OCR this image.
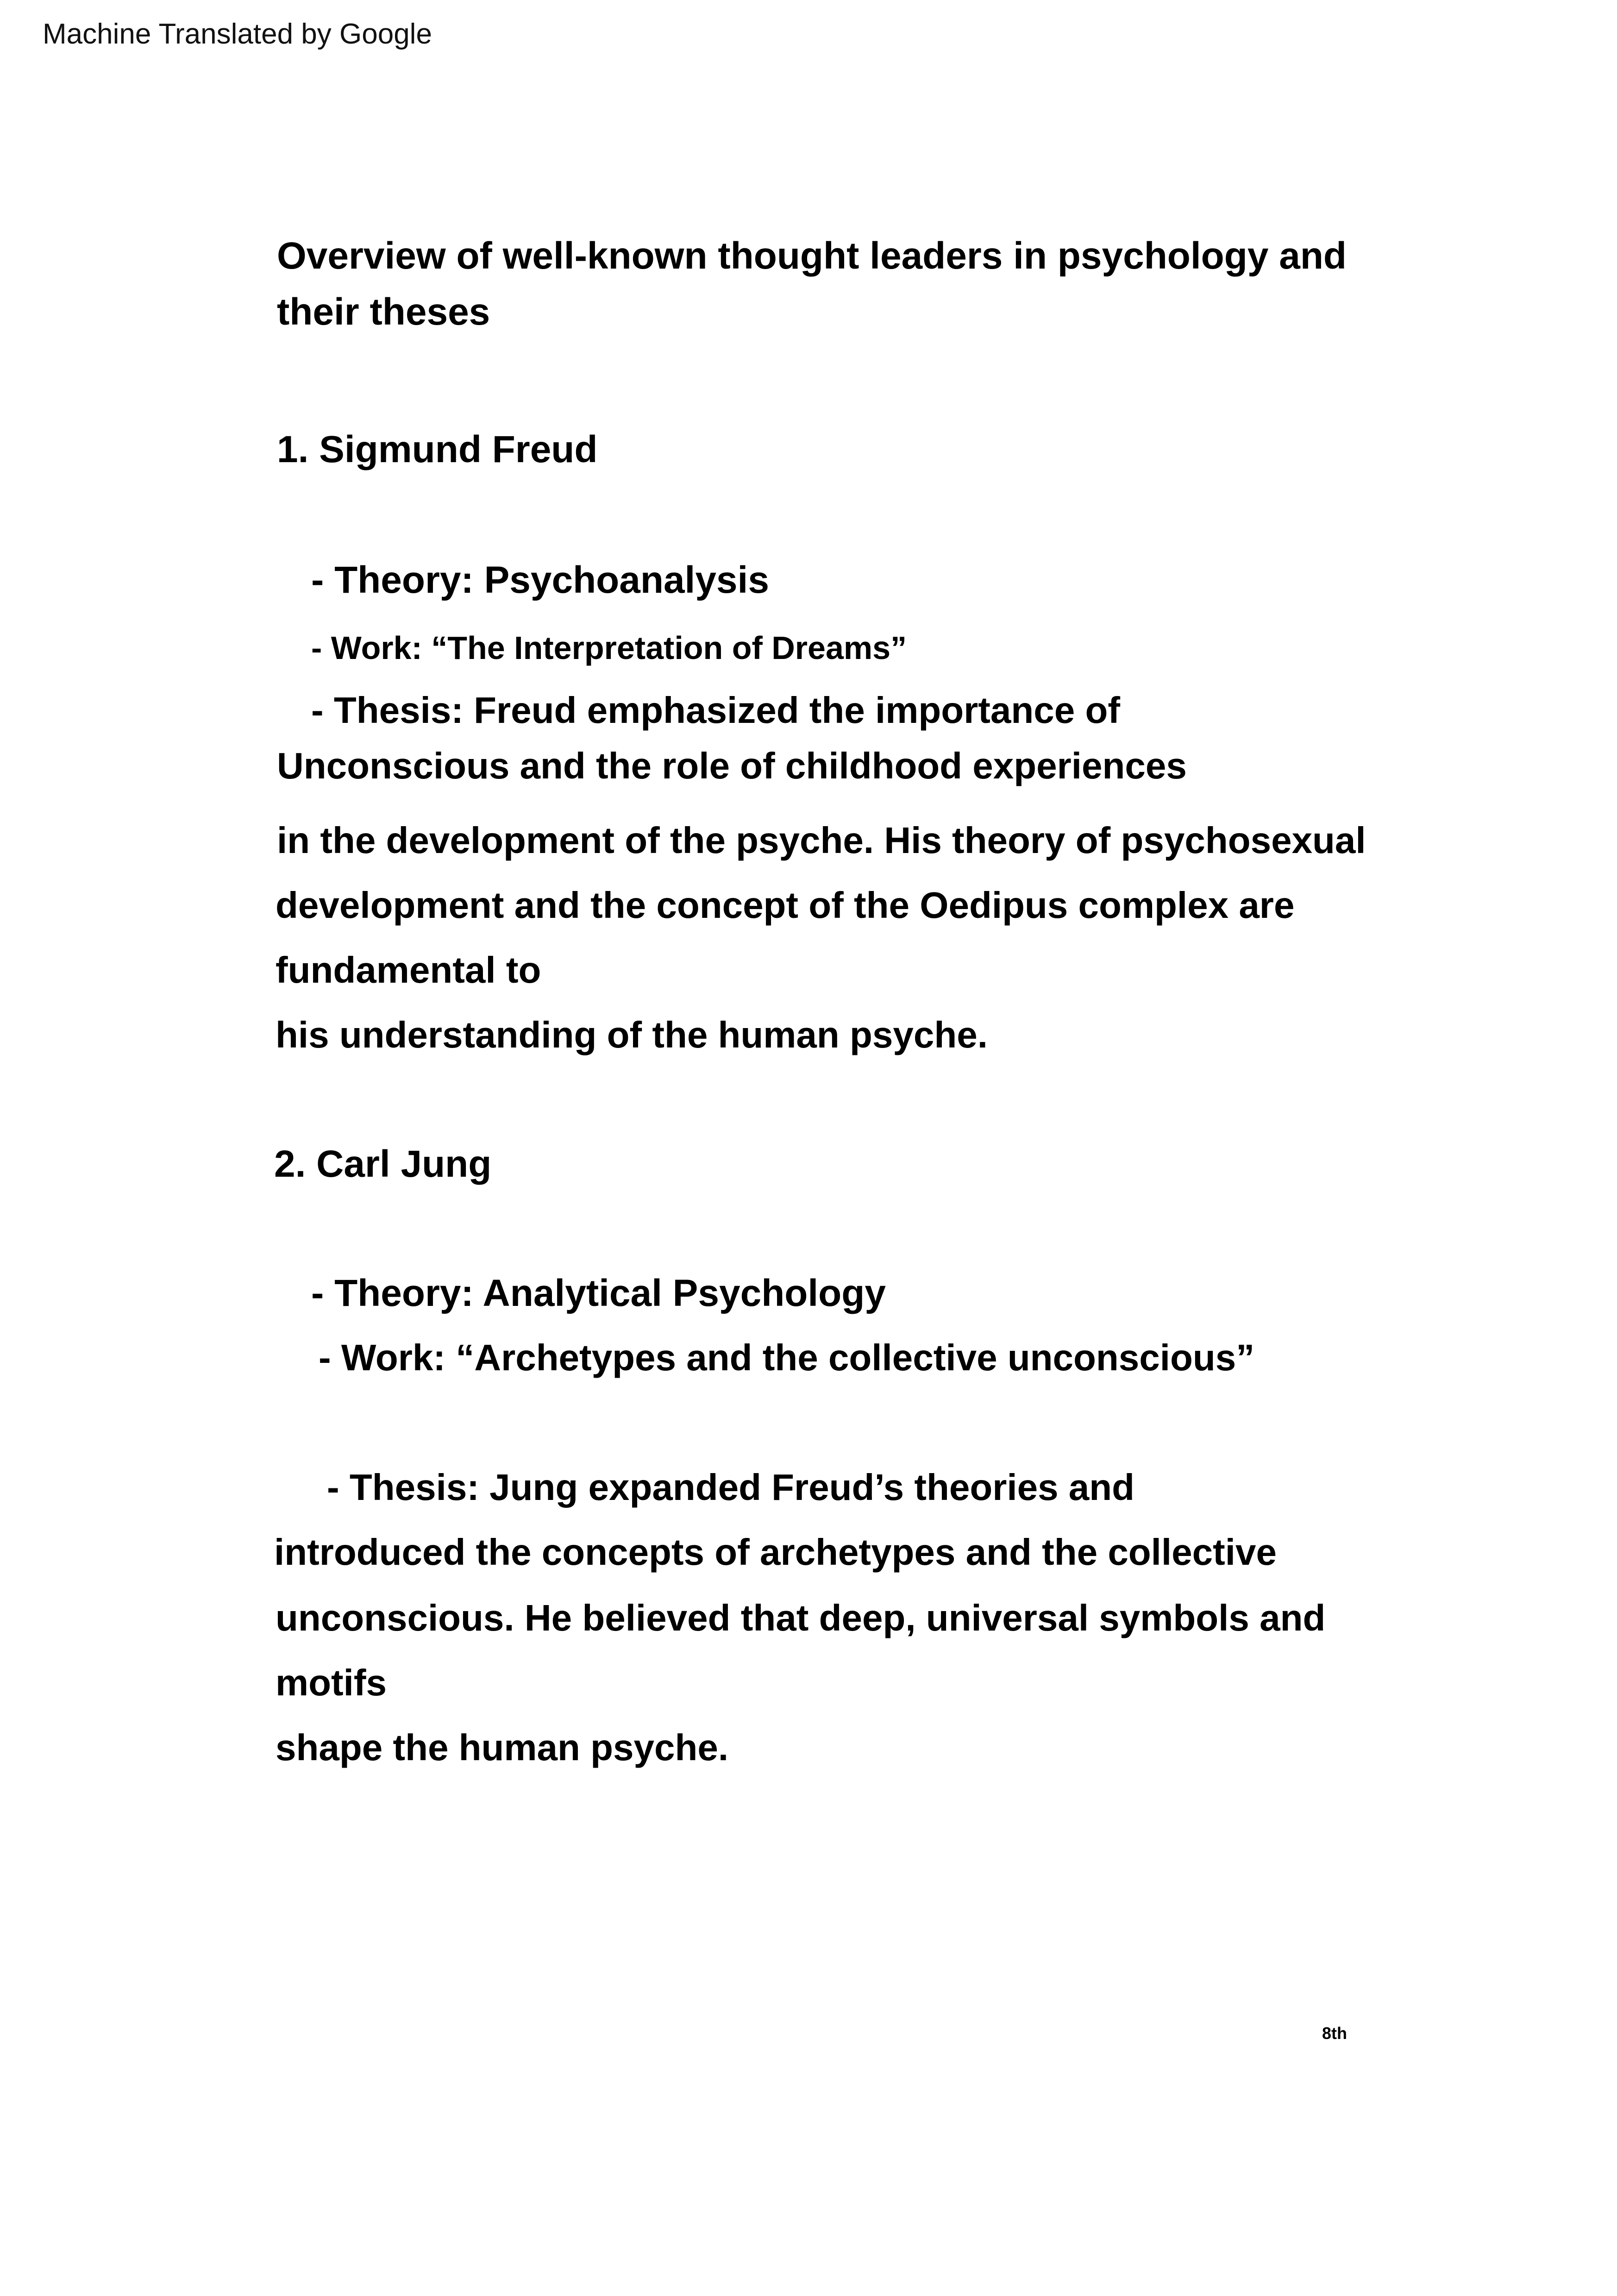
Machine Translated by Google
Overview of well-known thought leaders in psychology and
their theses
1. Sigmund Freud
- Theory: Psychoanalysis
- Work: “The Interpretation of Dreams”
- Thesis: Freud emphasized the importance of
Unconscious and the role of childhood experiences
in the development of the psyche. His theory of psychosexual
development and the concept of the Oedipus complex are
fundamental to
his understanding of the human psyche.
2. Carl Jung
- Theory: Analytical Psychology
- Work: “Archetypes and the collective unconscious”
- Thesis: Jung expanded Freud’s theories and
introduced the concepts of archetypes and the collective
unconscious. He believed that deep, universal symbols and
motifs
shape the human psyche.
8th
